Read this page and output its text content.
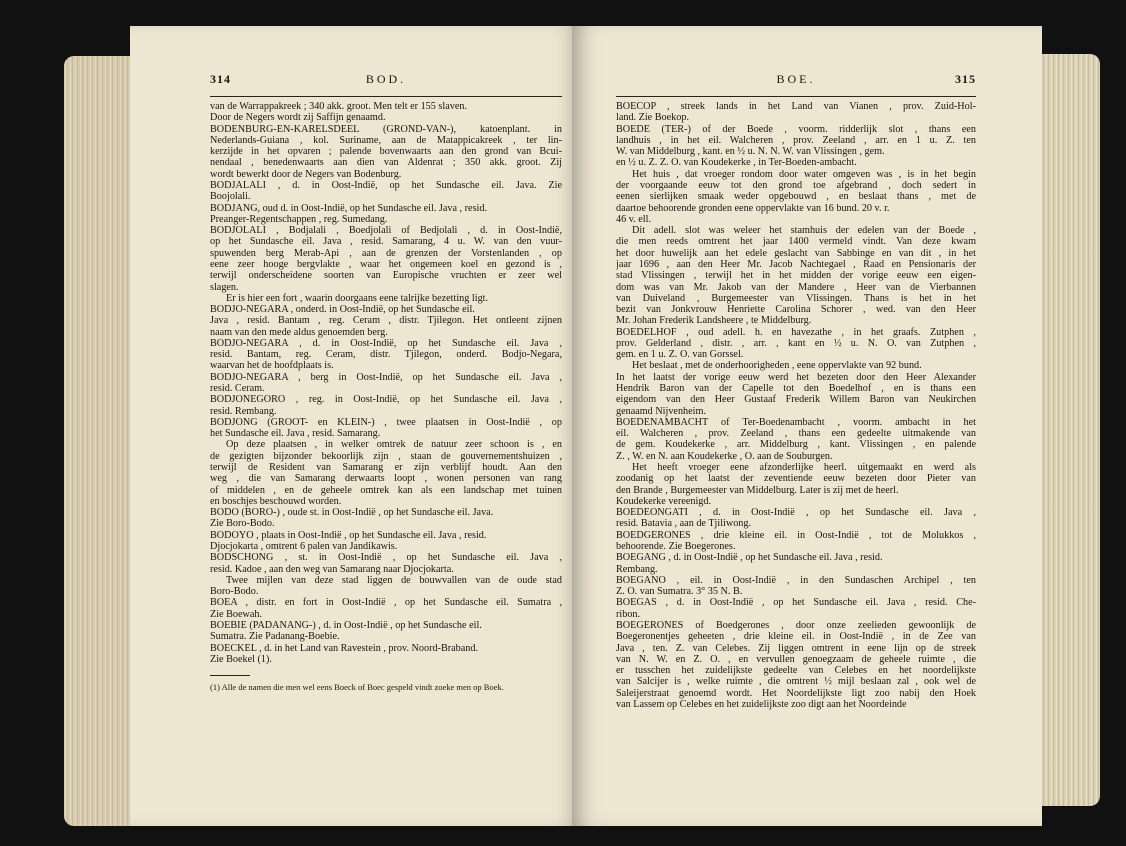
BOD.
314
van de Warrappakreek ; 340 akk. groot. Men telt er 155 slaven.
Door de Negers wordt zij Saffijn genaamd.
BODENBURG-EN-KARELSDEEL (GROND-VAN-), katoenplant. in
Nederlands-Guiana , kol. Suriname, aan de Matappicakreek , ter lin-
kerzijde in het opvaren ; palende bovenwaarts aan den grond van Bcui-
nendaal , benedenwaarts aan dien van Aldenrat ; 350 akk. groot. Zij
wordt bewerkt door de Negers van Bodenburg.
BODJALALI , d. in Oost-Indië, op het Sundasche eil. Java. Zie
Boojolali.
BODJANG, oud d. in Oost-Indië, op het Sundasche eil. Java , resid.
Preanger-Regentschappen , reg. Sumedang.
BODJOLALI , Bodjalali , Boedjolali of Bedjolali , d. in Oost-Indië,
op het Sundasche eil. Java , resid. Samarang, 4 u. W. van den vuur-
spuwenden berg Merab-Api , aan de grenzen der Vorstenlanden , op
eene zeer hooge bergvlakte , waar het ongemeen koel en gezond is ,
terwijl onderscheidene soorten van Europische vruchten er zeer wel
slagen.
Er is hier een fort , waarin doorgaans eene talrijke bezetting ligt.
BODJO-NEGARA , onderd. in Oost-Indië, op het Sundasche eil.
Java , resid. Bantam , reg. Ceram , distr. Tjilegon. Het ontleent zijnen
naam van den mede aldus genoemden berg.
BODJO-NEGARA , d. in Oost-Indië, op het Sundasche eil. Java ,
resid. Bantam, reg. Ceram, distr. Tjilegon, onderd. Bodjo-Negara,
waarvan het de hoofdplaats is.
BODJO-NEGARA , berg in Oost-Indië, op het Sundasche eil. Java ,
resid. Ceram.
BODJONEGORO , reg. in Oost-Indië, op het Sundasche eil. Java ,
resid. Rembang.
BODJONG (GROOT- en KLEIN-) , twee plaatsen in Oost-Indië , op
het Sundasche eil. Java , resid. Samarang.
Op deze plaatsen , in welker omtrek de natuur zeer schoon is , en
de gezigten bijzonder bekoorlijk zijn , staan de gouvernementshuizen ,
terwijl de Resident van Samarang er zijn verblijf houdt. Aan den
weg , die van Samarang derwaarts loopt , wonen personen van rang
of middelen , en de geheele omtrek kan als een landschap met tuinen
en boschjes beschouwd worden.
BODO (BORO-) , oude st. in Oost-Indië , op het Sundasche eil. Java.
Zie Boro-Bodo.
BODOYO , plaats in Oost-Indië , op het Sundasche eil. Java , resid.
Djocjokarta , omtrent 6 palen van Jandikawis.
BODSCHONG , st. in Oost-Indië , op het Sundasche eil. Java ,
resid. Kadoe , aan den weg van Samarang naar Djocjokarta.
Twee mijlen van deze stad liggen de bouwvallen van de oude stad
Boro-Bodo.
BOEA , distr. en fort in Oost-Indië , op het Sundasche eil. Sumatra ,
Zie Boewah.
BOEBIE (PADANANG-) , d. in Oost-Indië , op het Sundasche eil.
Sumatra. Zie Padanang-Boebie.
BOECKEL , d. in het Land van Ravestein , prov. Noord-Braband.
Zie Boekel (1).
(1) Alle de namen die men wel eens Boeck of Boec gespeld vindt zoeke men op Boek.
BOE.	315
BOECOP , streek lands in het Land van Vianen , prov. Zuid-Hol-
land. Zie Boekop.
BOEDE (TER-) of der Boede , voorm. ridderlijk slot , thans een
landhuis , in het eil. Walcheren , prov. Zeeland , arr. en 1 u. Z. ten
W. van Middelburg , kant. en ½ u. N. N. W. van Vlissingen , gem.
en ½ u. Z. Z. O. van Koudekerke , in Ter-Boeden-ambacht.
Het huis , dat vroeger rondom door water omgeven was , is in het begin
der voorgaande eeuw tot den grond toe afgebrand , doch sedert in
eenen sierlijken smaak weder opgebouwd , en beslaat thans , met de
daartoe behoorende gronden eene oppervlakte van 16 bund. 20 v. r.
46 v. ell.
Dit adell. slot was weleer het stamhuis der edelen van der Boede ,
die men reeds omtrent het jaar 1400 vermeld vindt. Van deze kwam
het door huwelijk aan het edele geslacht van Sabbinge en van dit , in het
jaar 1696 , aan den Heer Mr. Jacob Nachtegael , Raad en Pensionaris der
stad Vlissingen , terwijl het in het midden der vorige eeuw een eigen-
dom was van Mr. Jakob van der Mandere , Heer van de Vierbannen
van Duiveland , Burgemeester van Vlissingen. Thans is het in het
bezit van Jonkvrouw Henriette Carolina Schorer , wed. van den Heer
Mr. Johan Frederik Landsheere , te Middelburg.
BOEDELHOF , oud adell. h. en havezathe , in het graafs. Zutphen ,
prov. Gelderland , distr. , arr. , kant en ½ u. N. O. van Zutphen ,
gem. en 1 u. Z. O. van Gorssel.
Het beslaat , met de onderhoorigheden , eene oppervlakte van 92 bund.
In het laatst der vorige eeuw werd het bezeten door den Heer Alexander
Hendrik Baron van der Capelle tot den Boedelhof , en is thans een
eigendom van den Heer Gustaaf Frederik Willem Baron van Neukirchen
genaamd Nijvenheim.
BOEDENAMBACHT of Ter-Boedenambacht , voorm. ambacht in het
eil. Walcheren , prov. Zeeland , thans een gedeelte uitmakende van
de gem. Koudekerke , arr. Middelburg , kant. Vlissingen , en palende
Z. , W. en N. aan Koudekerke , O. aan de Souburgen.
Het heeft vroeger eene afzonderlijke heerl. uitgemaakt en werd als
zoodanig op het laatst der zeventiende eeuw bezeten door Pieter van
den Brande , Burgemeester van Middelburg. Later is zij met de heerl.
Koudekerke vereenigd.
BOEDEONGATI , d. in Oost-Indië , op het Sundasche eil. Java ,
resid. Batavia , aan de Tjiliwong.
BOEDGERONES , drie kleine eil. in Oost-Indië , tot de Molukkos ,
behoorende. Zie Boegerones.
BOEGANG , d. in Oost-Indië , op het Sundasche eil. Java , resid.
Rembang.
BOEGANO , eil. in Oost-Indië , in den Sundaschen Archipel , ten
Z. O. van Sumatra. 3° 35 N. B.
BOEGAS , d. in Oost-Indië , op het Sundasche eil. Java , resid. Che-
ribon.
BOEGERONES of Boedgerones , door onze zeelieden gewoonlijk de
Boegeronentjes geheeten , drie kleine eil. in Oost-Indië , in de Zee van
Java , ten. Z. van Celebes. Zij liggen omtrent in eene lijn op de streek
van N. W. en Z. O. , en vervullen genoegzaam de geheele ruimte , die
er tusschen het zuidelijkste gedeelte van Celebes en het noordelijkste
van Salcijer is , welke ruimte , die omtrent ½ mijl beslaan zal , ook wel de
Saleijerstraat genoemd wordt. Het Noordelijkste ligt zoo nabij den Hoek
van Lassem op Celebes en het zuidelijkste zoo digt aan het Noordeinde
